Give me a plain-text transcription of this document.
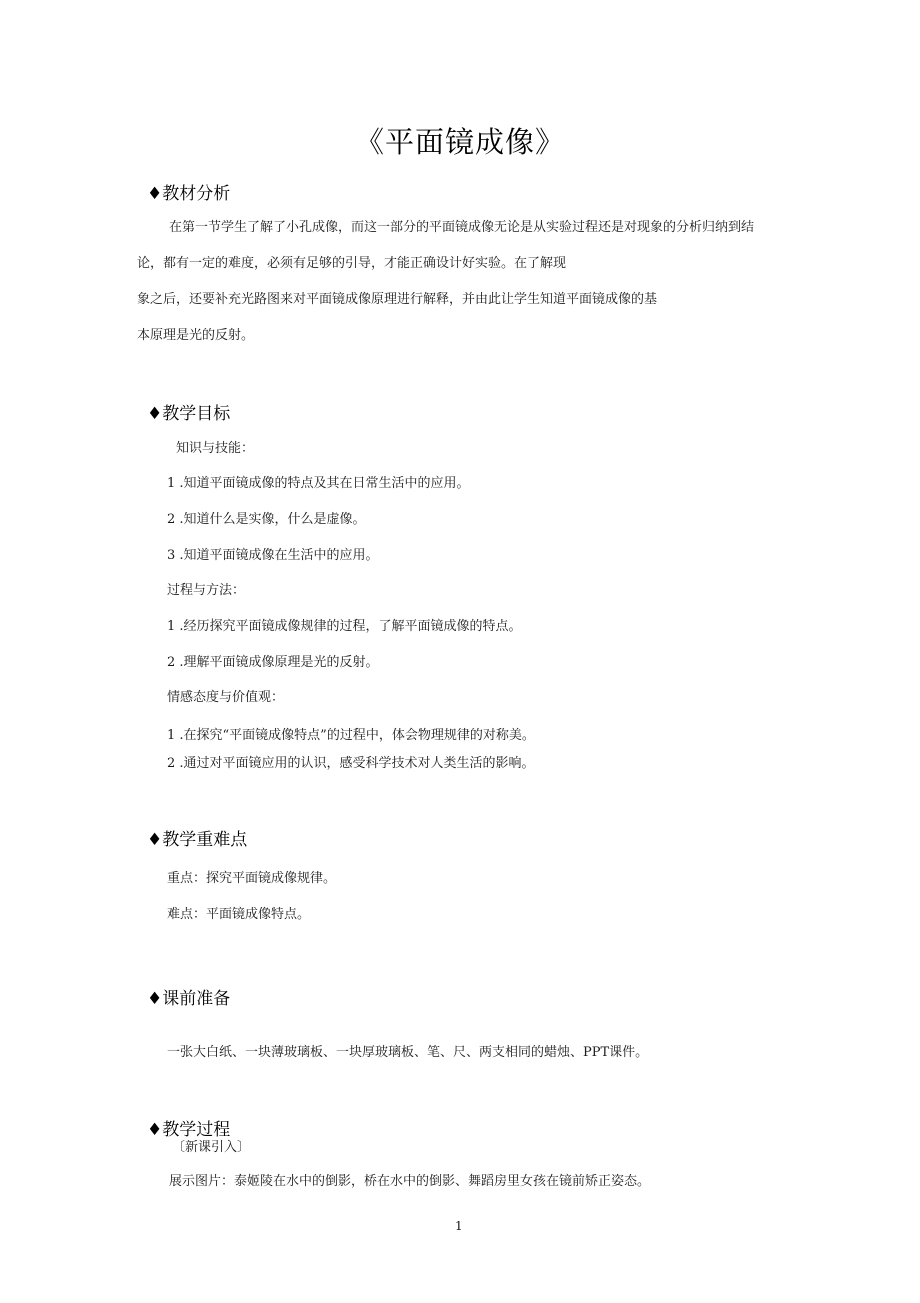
《平面镜成像》
♦教材分析
在第一节学生了解了小孔成像，而这一部分的平面镜成像无论是从实验过程还是对现象的分析归纳到结
论，都有一定的难度，必须有足够的引导，才能正确设计好实验。在了解现
象之后，还要补充光路图来对平面镜成像原理进行解释，并由此让学生知道平面镜成像的基
本原理是光的反射。
♦教学目标
知识与技能：
1 .知道平面镜成像的特点及其在日常生活中的应用。
2 .知道什么是实像，什么是虚像。
3 .知道平面镜成像在生活中的应用。
过程与方法：
1 .经历探究平面镜成像规律的过程，了解平面镜成像的特点。
2 .理解平面镜成像原理是光的反射。
情感态度与价值观：
1 .在探究“平面镜成像特点”的过程中，体会物理规律的对称美。
2 .通过对平面镜应用的认识，感受科学技术对人类生活的影响。
♦教学重难点
重点：探究平面镜成像规律。
难点：平面镜成像特点。
♦课前准备
一张大白纸、一块薄玻璃板、一块厚玻璃板、笔、尺、两支相同的蜡烛、PPT课件。
♦教学过程
〔新课引入〕
展示图片：泰姬陵在水中的倒影，桥在水中的倒影、舞蹈房里女孩在镜前矫正姿态。
1
